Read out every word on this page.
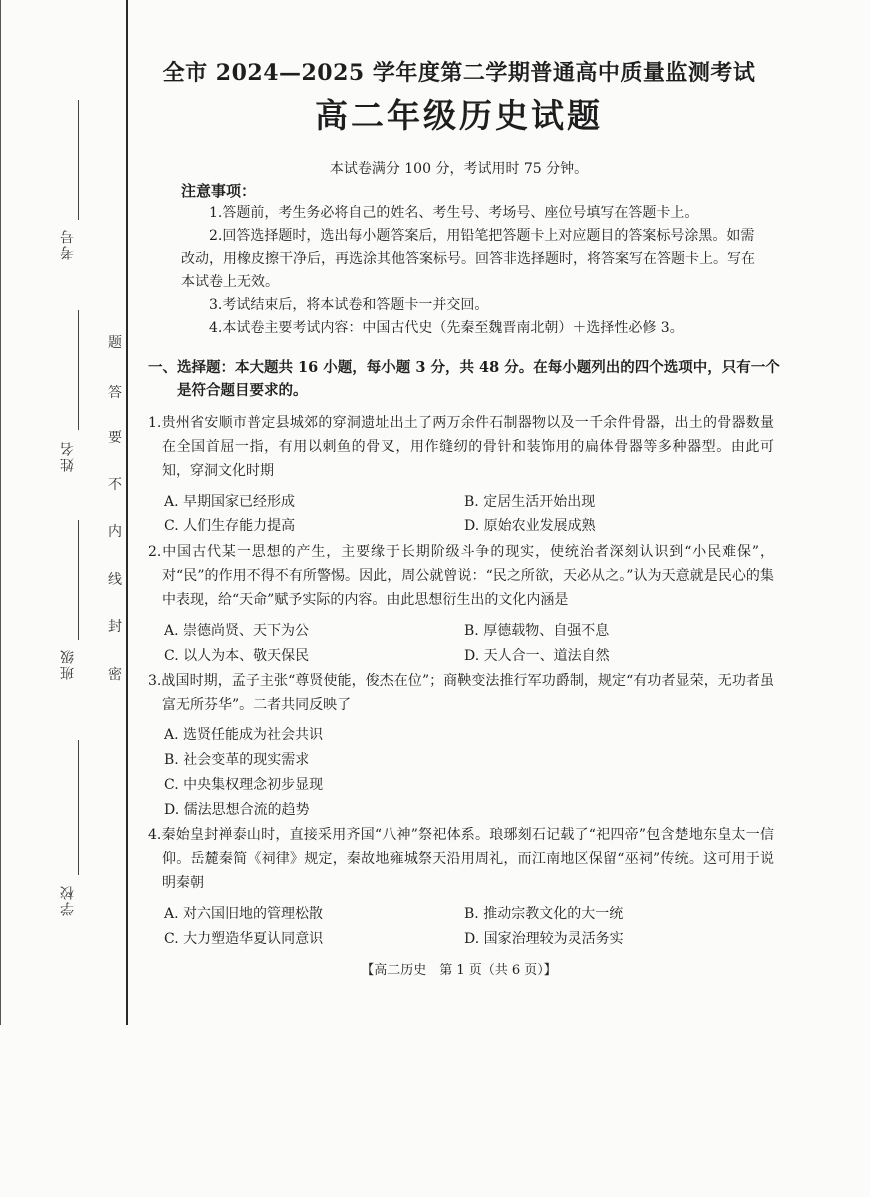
题
答
要
不
内
线
封
密
考号
姓名
班级
学校
全市 2024—2025 学年度第二学期普通高中质量监测考试
高二年级历史试题
本试卷满分 100 分，考试用时 75 分钟。
注意事项：
1.答题前，考生务必将自己的姓名、考生号、考场号、座位号填写在答题卡上。
2.回答选择题时，选出每小题答案后，用铅笔把答题卡上对应题目的答案标号涂黑。如需改动，用橡皮擦干净后，再选涂其他答案标号。回答非选择题时，将答案写在答题卡上。写在本试卷上无效。
3.考试结束后，将本试卷和答题卡一并交回。
4.本试卷主要考试内容：中国古代史（先秦至魏晋南北朝）＋选择性必修 3。
一、选择题：本大题共 16 小题，每小题 3 分，共 48 分。在每小题列出的四个选项中，只有一个是符合题目要求的。
1.贵州省安顺市普定县城郊的穿洞遗址出土了两万余件石制器物以及一千余件骨器，出土的骨器数量在全国首屈一指，有用以刺鱼的骨叉，用作缝纫的骨针和装饰用的扁体骨器等多种器型。由此可知，穿洞文化时期
A. 早期国家已经形成	B. 定居生活开始出现
C. 人们生存能力提高	D. 原始农业发展成熟
2.中国古代某一思想的产生，主要缘于长期阶级斗争的现实，使统治者深刻认识到“小民难保”，对“民”的作用不得不有所警惕。因此，周公就曾说：“民之所欲，天必从之。”认为天意就是民心的集中表现，给“天命”赋予实际的内容。由此思想衍生出的文化内涵是
A. 崇德尚贤、天下为公	B. 厚德载物、自强不息
C. 以人为本、敬天保民	D. 天人合一、道法自然
3.战国时期，孟子主张“尊贤使能，俊杰在位”；商鞅变法推行军功爵制，规定“有功者显荣，无功者虽富无所芬华”。二者共同反映了
A. 选贤任能成为社会共识
B. 社会变革的现实需求
C. 中央集权理念初步显现
D. 儒法思想合流的趋势
4.秦始皇封禅泰山时，直接采用齐国“八神”祭祀体系。琅琊刻石记载了“祀四帝”包含楚地东皇太一信仰。岳麓秦简《祠律》规定，秦故地雍城祭天沿用周礼，而江南地区保留“巫祠”传统。这可用于说明秦朝
A. 对六国旧地的管理松散	B. 推动宗教文化的大一统
C. 大力塑造华夏认同意识	D. 国家治理较为灵活务实
【高二历史　第 1 页（共 6 页）】
